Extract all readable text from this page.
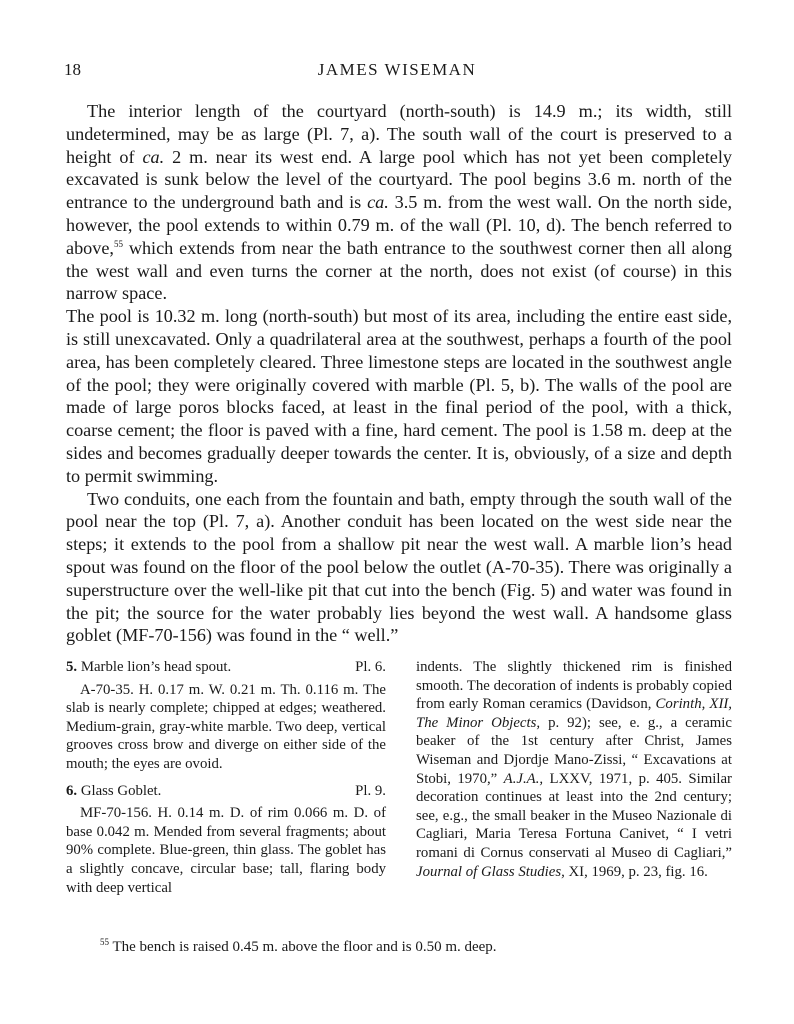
18	JAMES WISEMAN

The interior length of the courtyard (north-south) is 14.9 m.; its width, still undetermined, may be as large (Pl. 7, a). The south wall of the court is preserved to a height of ca. 2 m. near its west end. A large pool which has not yet been completely excavated is sunk below the level of the courtyard. The pool begins 3.6 m. north of the entrance to the underground bath and is ca. 3.5 m. from the west wall. On the north side, however, the pool extends to within 0.79 m. of the wall (Pl. 10, d). The bench referred to above,$^{55}$ which extends from near the bath entrance to the southwest corner then all along the west wall and even turns the corner at the north, does not exist (of course) in this narrow space.

The pool is 10.32 m. long (north-south) but most of its area, including the entire east side, is still unexcavated. Only a quadrilateral area at the southwest, perhaps a fourth of the pool area, has been completely cleared. Three limestone steps are located in the southwest angle of the pool; they were originally covered with marble (Pl. 5, b). The walls of the pool are made of large poros blocks faced, at least in the final period of the pool, with a thick, coarse cement; the floor is paved with a fine, hard cement. The pool is 1.58 m. deep at the sides and becomes gradually deeper towards the center. It is, obviously, of a size and depth to permit swimming.

Two conduits, one each from the fountain and bath, empty through the south wall of the pool near the top (Pl. 7, a). Another conduit has been located on the west side near the steps; it extends to the pool from a shallow pit near the west wall. A marble lion’s head spout was found on the floor of the pool below the outlet (A-70-35). There was originally a superstructure over the well-like pit that cut into the bench (Fig. 5) and water was found in the pit; the source for the water probably lies beyond the west wall. A handsome glass goblet (MF-70-156) was found in the “ well.”

5. Marble lion’s head spout.	Pl. 6.

A-70-35. H. 0.17 m. W. 0.21 m. Th. 0.116 m. The slab is nearly complete; chipped at edges; weathered. Medium-grain, gray-white marble. Two deep, vertical grooves cross brow and diverge on either side of the mouth; the eyes are ovoid.

6. Glass Goblet.	Pl. 9.

MF-70-156. H. 0.14 m. D. of rim 0.066 m. D. of base 0.042 m. Mended from several fragments; about 90% complete. Blue-green, thin glass. The goblet has a slightly concave, circular base; tall, flaring body with deep vertical

indents. The slightly thickened rim is finished smooth. The decoration of indents is probably copied from early Roman ceramics (Davidson, Corinth, XII, The Minor Objects, p. 92); see, e. g., a ceramic beaker of the 1st century after Christ, James Wiseman and Djordje Mano-Zissi, “ Excavations at Stobi, 1970,” A.J.A., LXXV, 1971, p. 405. Similar decoration continues at least into the 2nd century; see, e.g., the small beaker in the Museo Nazionale di Cagliari, Maria Teresa Fortuna Canivet, “ I vetri romani di Cornus conservati al Museo di Cagliari,” Journal of Glass Studies, XI, 1969, p. 23, fig. 16.

$^{55}$ The bench is raised 0.45 m. above the floor and is 0.50 m. deep.
